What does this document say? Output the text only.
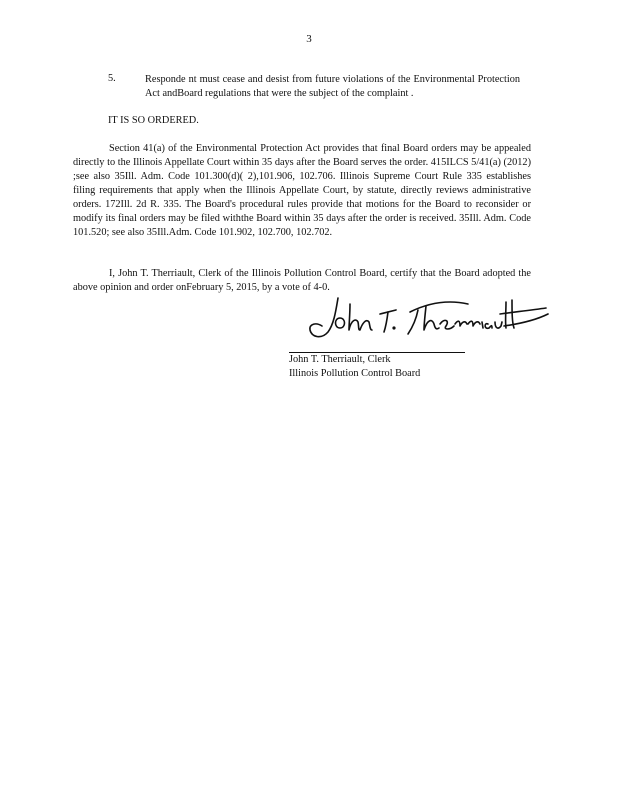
3
5.	Responde nt must cease and desist from future violations of the Environmental Protection Act andBoard regulations that were the subject of the complaint .
IT IS SO ORDERED.
Section 41(a) of the Environmental Protection Act provides that final Board orders may be appealed directly to the Illinois Appellate Court within 35 days after the Board serves the order. 415ILCS 5/41(a) (2012) ;see also 35Ill. Adm. Code 101.300(d)( 2),101.906, 102.706. Illinois Supreme Court Rule 335 establishes filing requirements that apply when the Illinois Appellate Court, by statute, directly reviews administrative orders. 172Ill. 2d R. 335. The Board's procedural rules provide that motions for the Board to reconsider or modify its final orders may be filed withthe Board within 35 days after the order is received. 35Ill. Adm. Code 101.520; see also 35Ill.Adm. Code 101.902, 102.700, 102.702.
I, John T. Therriault, Clerk of the Illinois Pollution Control Board, certify that the Board adopted the above opinion and order onFebruary 5, 2015, by a vote of 4-0.
John T. Therriault, Clerk
Illinois Pollution Control Board
